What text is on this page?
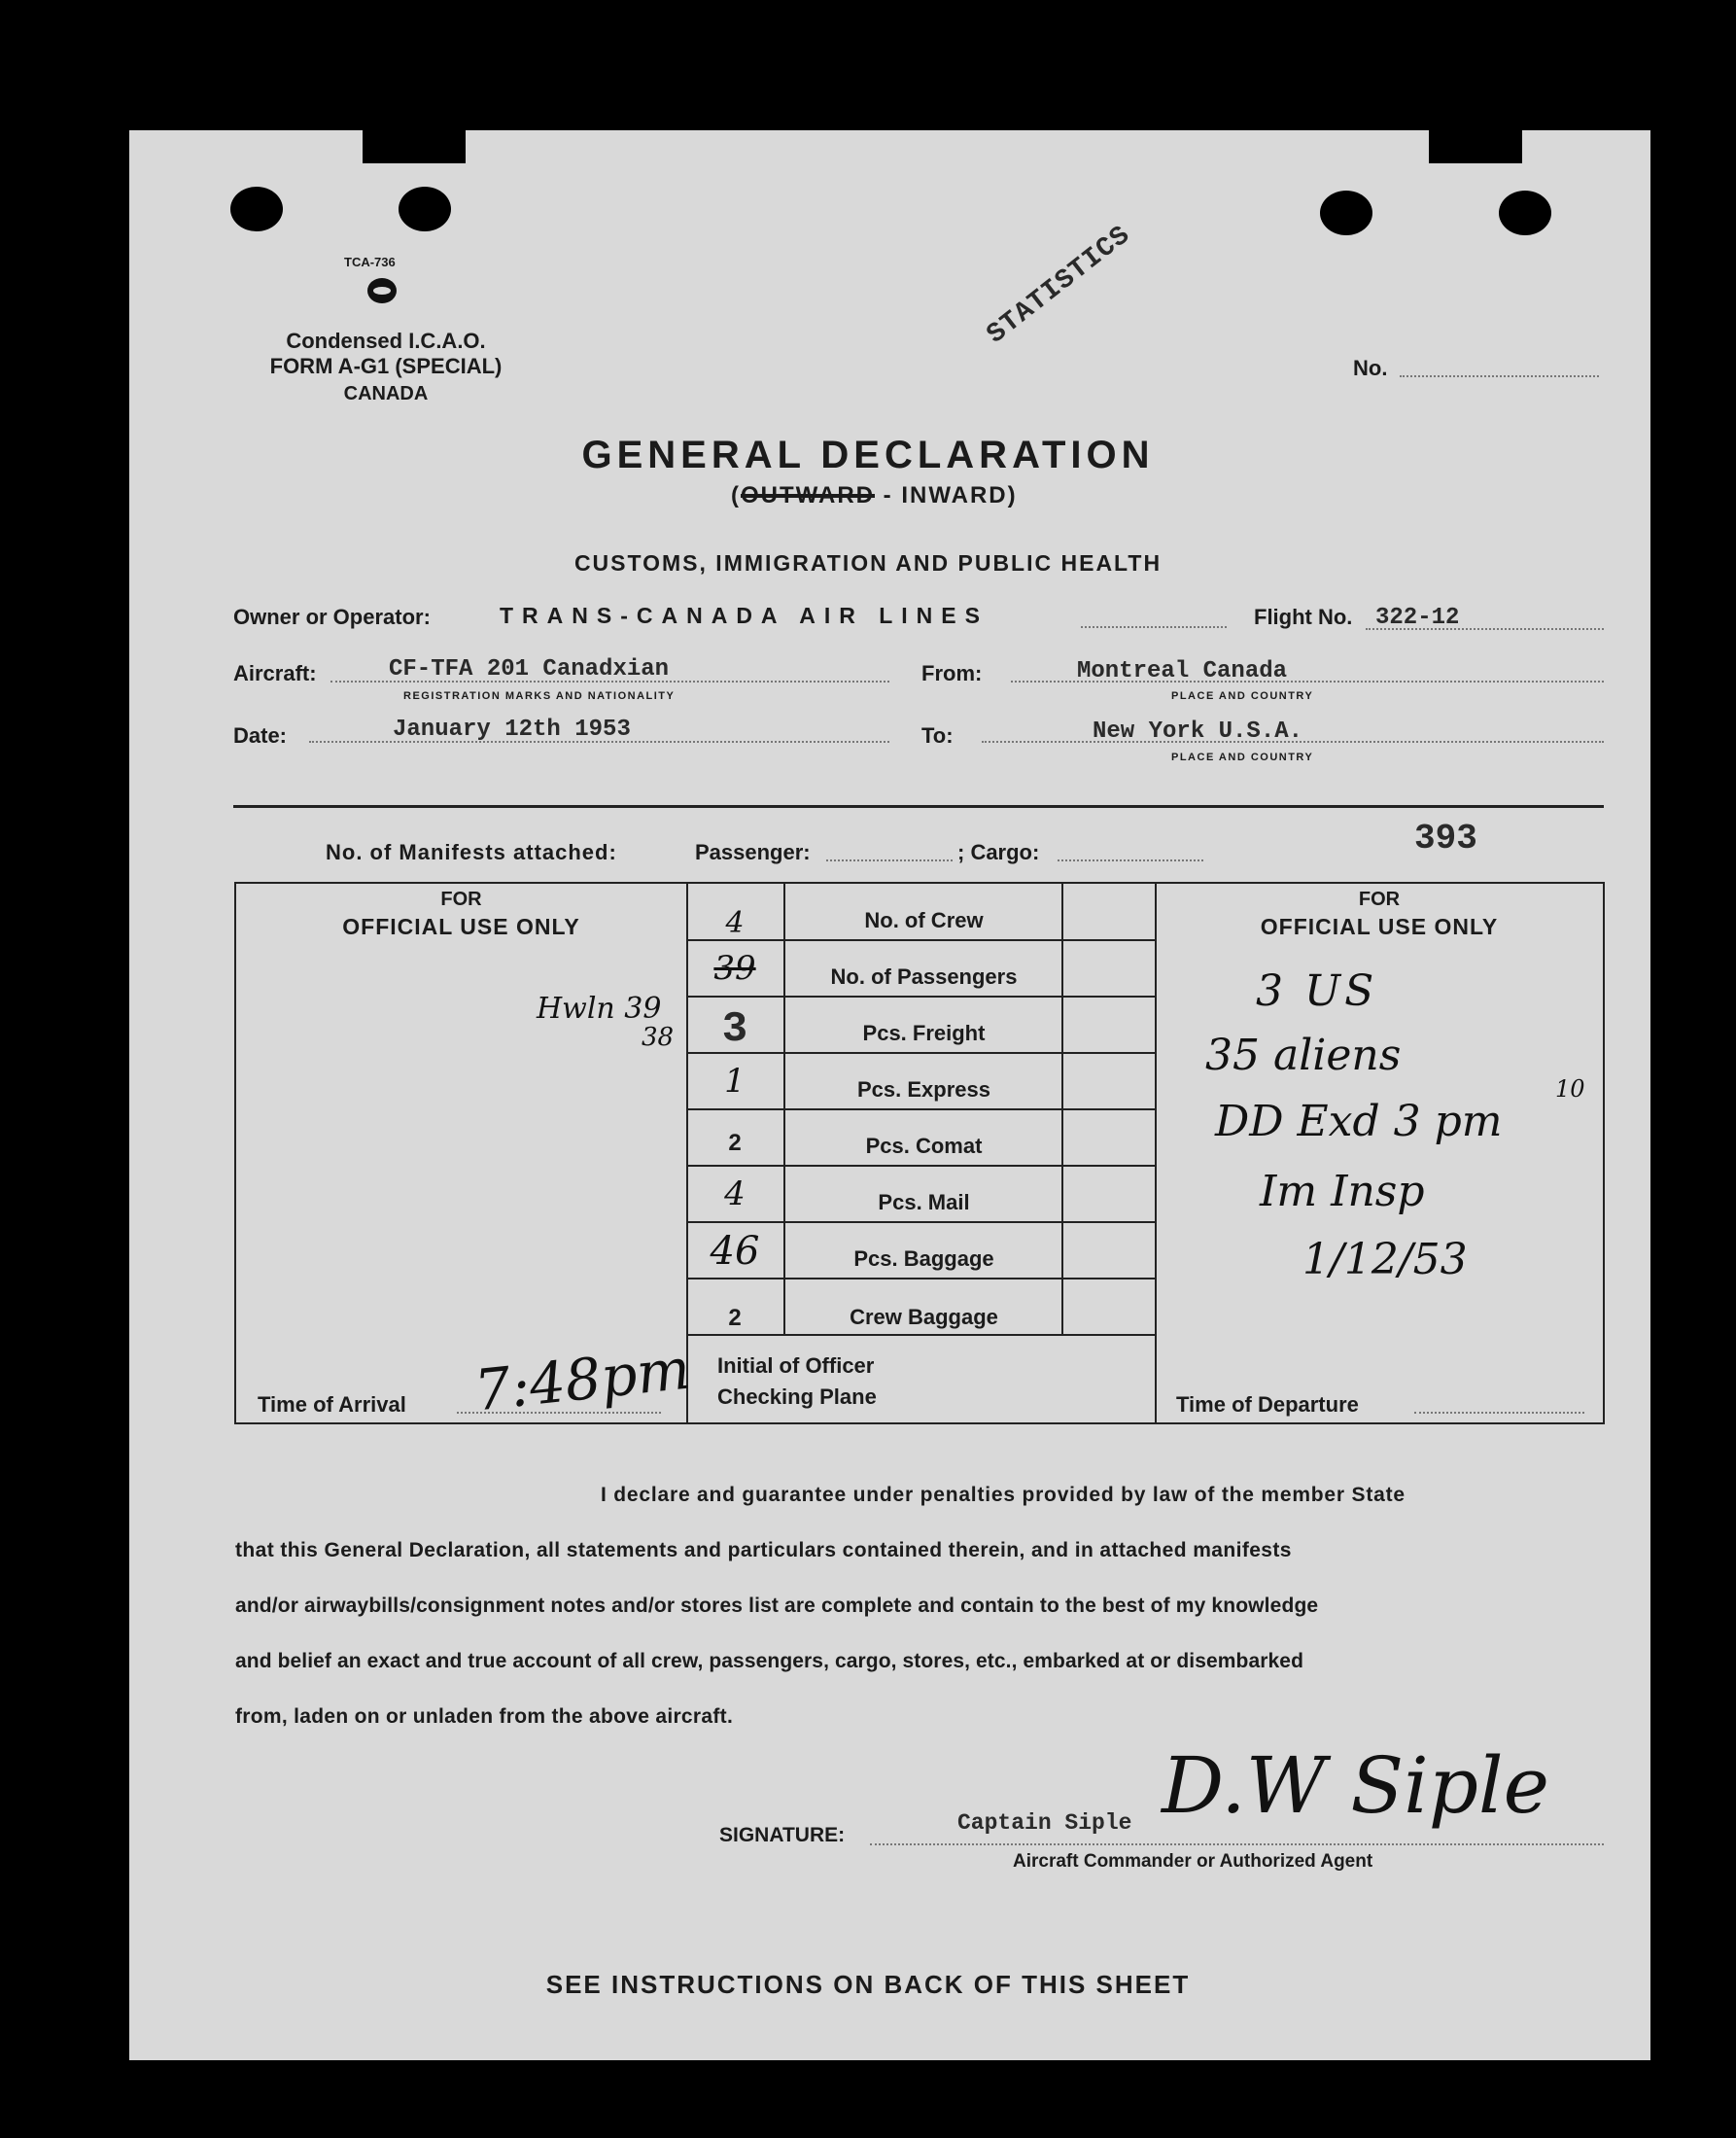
TCA-736
Condensed I.C.A.O.
FORM A-G1 (SPECIAL)
CANADA
STATISTICS
No.
GENERAL DECLARATION
(OUTWARD - INWARD)
CUSTOMS, IMMIGRATION AND PUBLIC HEALTH
Owner or Operator:	TRANS-CANADA AIR LINES	Flight No. 322-12
Aircraft:	CF-TFA 201 Canadxian
REGISTRATION MARKS AND NATIONALITY
From:	Montreal Canada
PLACE AND COUNTRY
Date:	January 12th 1953	To:	New York U.S.A.
PLACE AND COUNTRY
No. of Manifests attached:	Passenger:	; Cargo:	393
FOR
OFFICIAL USE ONLY
Hwln 39
38
Time of Arrival 7:48pm
4	No. of Crew
39	No. of Passengers
3	Pcs. Freight
1	Pcs. Express
2	Pcs. Comat
4	Pcs. Mail
46	Pcs. Baggage
2	Crew Baggage
Initial of Officer
Checking Plane
FOR
OFFICIAL USE ONLY
3 US
35 aliens
DD Exd 3 pm
10
Im Insp
1/12/53
Time of Departure
I declare and guarantee under penalties provided by law of the member State
that this General Declaration, all statements and particulars contained therein, and in attached manifests
and/or airwaybills/consignment notes and/or stores list are complete and contain to the best of my knowledge
and belief an exact and true account of all crew, passengers, cargo, stores, etc., embarked at or disembarked
from, laden on or unladen from the above aircraft.
SIGNATURE:	Captain Siple D.W Siple
Aircraft Commander or Authorized Agent
SEE INSTRUCTIONS ON BACK OF THIS SHEET
